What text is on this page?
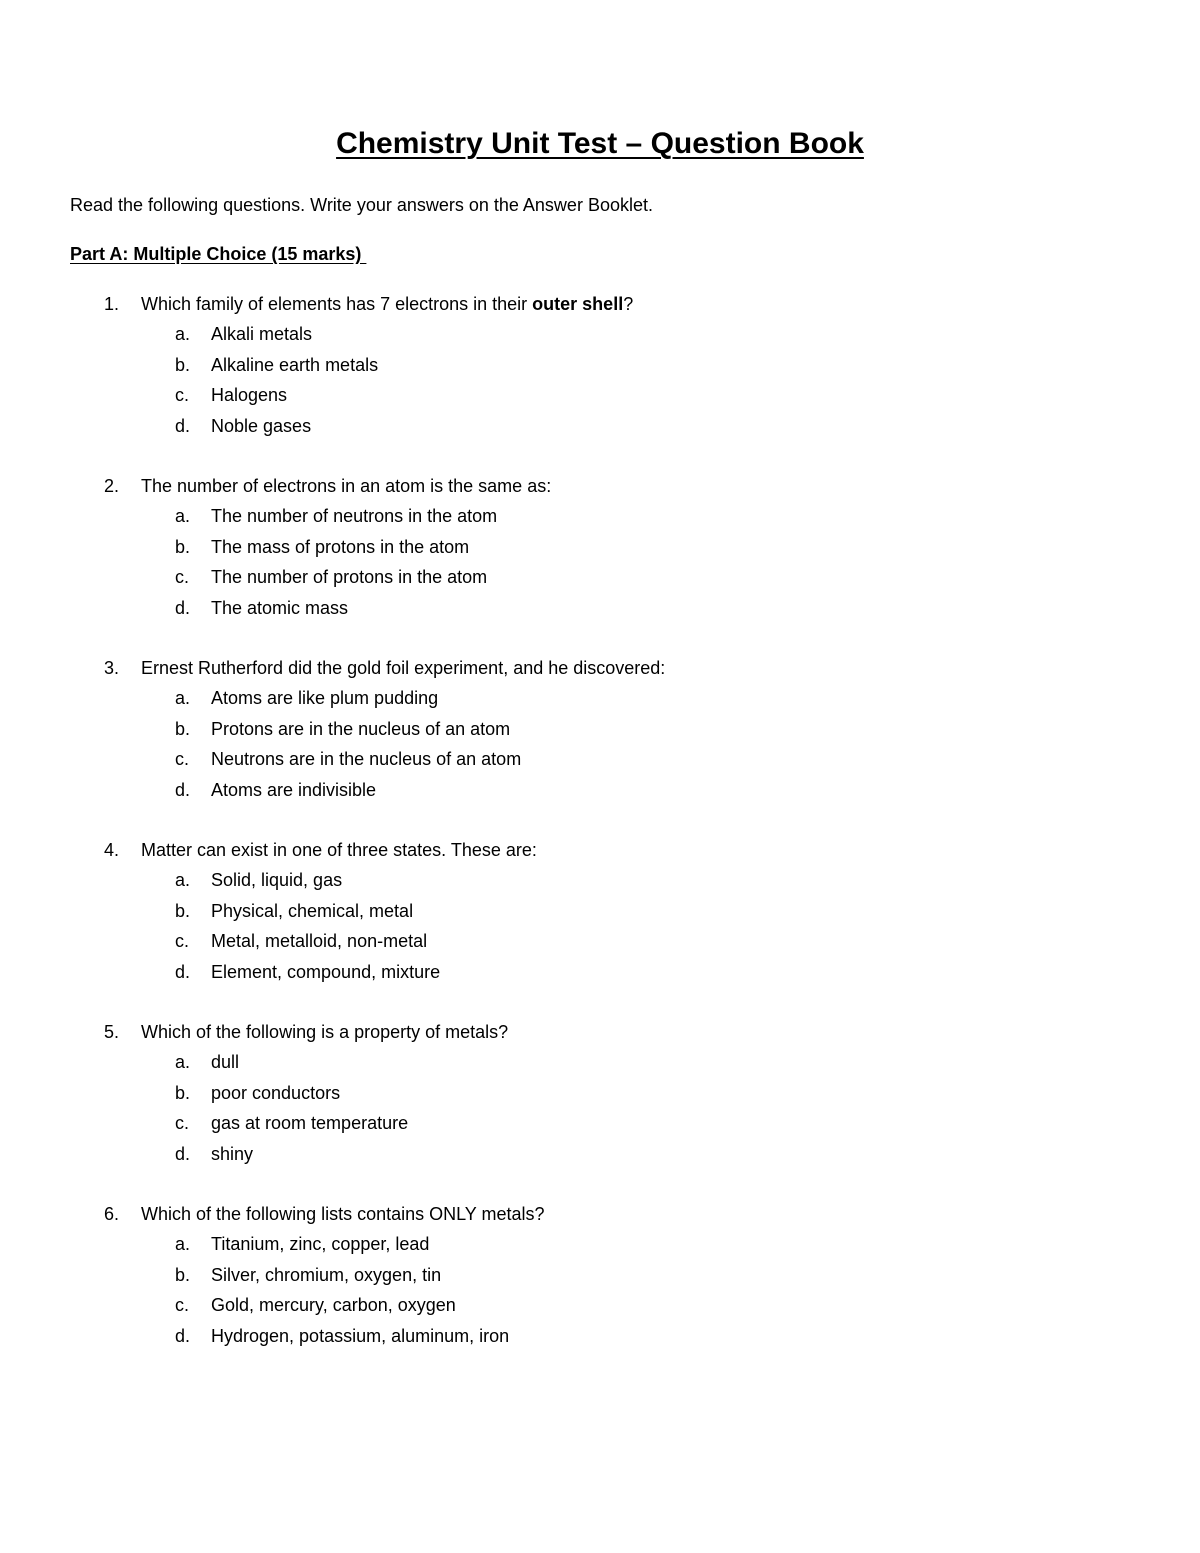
Chemistry Unit Test – Question Book

Read the following questions. Write your answers on the Answer Booklet.

Part A: Multiple Choice (15 marks)

1. Which family of elements has 7 electrons in their outer shell?
a. Alkali metals
b. Alkaline earth metals
c. Halogens
d. Noble gases
2. The number of electrons in an atom is the same as:
a. The number of neutrons in the atom
b. The mass of protons in the atom
c. The number of protons in the atom
d. The atomic mass
3. Ernest Rutherford did the gold foil experiment, and he discovered:
a. Atoms are like plum pudding
b. Protons are in the nucleus of an atom
c. Neutrons are in the nucleus of an atom
d. Atoms are indivisible
4. Matter can exist in one of three states. These are:
a. Solid, liquid, gas
b. Physical, chemical, metal
c. Metal, metalloid, non-metal
d. Element, compound, mixture
5. Which of the following is a property of metals?
a. dull
b. poor conductors
c. gas at room temperature
d. shiny
6. Which of the following lists contains ONLY metals?
a. Titanium, zinc, copper, lead
b. Silver, chromium, oxygen, tin
c. Gold, mercury, carbon, oxygen
d. Hydrogen, potassium, aluminum, iron
